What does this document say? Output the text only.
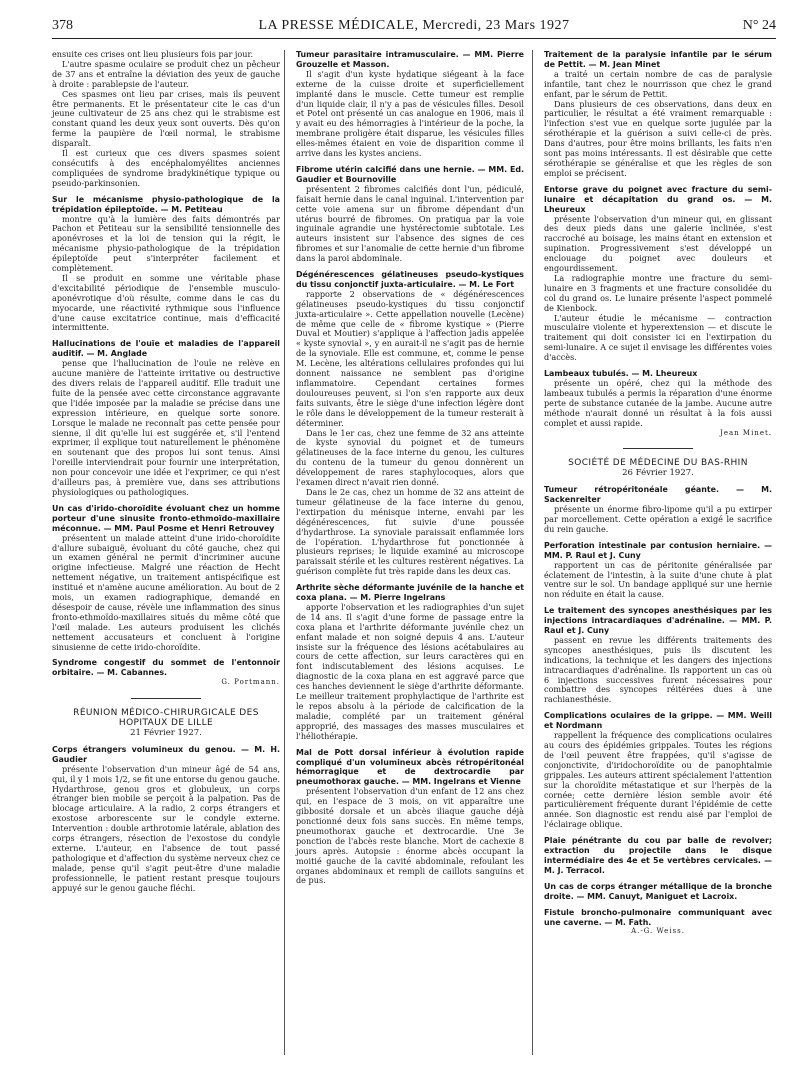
378	LA PRESSE MÉDICALE, Mercredi, 23 Mars 1927	N° 24

ensuite ces crises ont lieu plusieurs fois par jour.

L'autre spasme oculaire se produit chez un pêcheur de 37 ans et entraîne la déviation des yeux de gauche à droite : parablepsie de l'auteur.

Ces spasmes ont lieu par crises, mais ils peuvent être permanents. Et le présentateur cite le cas d'un jeune cultivateur de 25 ans chez qui le strabisme est constant quand les deux yeux sont ouverts. Dès qu'on ferme la paupière de l'œil normal, le strabisme disparaît.

Il est curieux que ces divers spasmes soient consécutifs à des encéphalomyélites anciennes compliquées de syndrome bradykinétique typique ou pseudo-parkinsonien.

Sur le mécanisme physio-pathologique de la trépidation épileptoïde. — M. Petiteau

montre qu'à la lumière des faits démontrés par Pachon et Petiteau sur la sensibilité tensionnelle des aponévroses et la loi de tension qui la régit, le mécanisme physio-pathologique de la trépidation épileptoïde peut s'interpréter facilement et complètement.

Il se produit en somme une véritable phase d'excitabilité périodique de l'ensemble musculo-aponévrotique d'où résulte, comme dans le cas du myocarde, une réactivité rythmique sous l'influence d'une cause excitatrice continue, mais d'efficacité intermittente.

Hallucinations de l'ouïe et maladies de l'appareil auditif. — M. Anglade

pense que l'hallucination de l'ouïe ne relève en aucune manière de l'atteinte irritative ou destructive des divers relais de l'appareil auditif. Elle traduit une fuite de la pensée avec cette circonstance aggravante que l'idée imposée par la maladie se précise dans une expression intérieure, en quelque sorte sonore. Lorsque le malade ne reconnaît pas cette pensée pour sienne, il dit qu'elle lui est suggérée et, s'il l'entend exprimer, il explique tout naturellement le phénomène en soutenant que des propos lui sont tenus. Ainsi l'oreille interviendrait pour fournir une interprétation, non pour concevoir une idée et l'exprimer, ce qui n'est d'ailleurs pas, à première vue, dans ses attributions physiologiques ou pathologiques.

Un cas d'irido-choroïdite évoluant chez un homme porteur d'une sinusite fronto-ethmoïdo-maxillaire méconnue. — MM. Paul Posme et Henri Retrouvey

présentent un malade atteint d'une irido-choroïdite d'allure subaiguë, évoluant du côté gauche, chez qui un examen général ne permit d'incriminer aucune origine infectieuse. Malgré une réaction de Hecht nettement négative, un traitement antispécifique est institué et n'amène aucune amélioration. Au bout de 2 mois, un examen radiographique, demandé en désespoir de cause, révèle une inflammation des sinus fronto-ethmoïdo-maxillaires situés du même côté que l'œil malade. Les auteurs produisent les clichés nettement accusateurs et concluent à l'origine sinusienne de cette irido-choroïdite.

Syndrome congestif du sommet de l'entonnoir orbitaire. — M. Cabannes.

G. Portmann.

RÉUNION MÉDICO-CHIRURGICALE DES HOPITAUX DE LILLE

21 Février 1927.

Corps étrangers volumineux du genou. — M. H. Gaudier

présente l'observation d'un mineur âgé de 54 ans, qui, il y 1 mois 1/2, se fit une entorse du genou gauche. Hydarthrose, genou gros et globuleux, un corps étranger bien mobile se perçoit à la palpation. Pas de blocage articulaire. A la radio, 2 corps étrangers et exostose arborescente sur le condyle externe. Intervention : double arthrotomie latérale, ablation des corps étrangers, résection de l'exostose du condyle externe. L'auteur, en l'absence de tout passé pathologique et d'affection du système nerveux chez ce malade, pense qu'il s'agit peut-être d'une maladie professionnelle, le patient restant presque toujours appuyé sur le genou gauche fléchi.

Tumeur parasitaire intramusculaire. — MM. Pierre Grouzelle et Masson.

Il s'agit d'un kyste hydatique siégeant à la face externe de la cuisse droite et superficiellement implanté dans le muscle. Cette tumeur est remplie d'un liquide clair, il n'y a pas de vésicules filles. Desoil et Potel ont présenté un cas analogue en 1906, mais il y avait eu des hémorragies à l'intérieur de la poche, la membrane proligère était disparue, les vésicules filles elles-mêmes étaient en voie de disparition comme il arrive dans les kystes anciens.

Fibrome utérin calcifié dans une hernie. — MM. Ed. Gaudier et Bournoville

présentent 2 fibromes calcifiés dont l'un, pédiculé, faisait hernie dans le canal inguinal. L'intervention par cette voie amena sur un fibrome dépendant d'un utérus bourré de fibromes. On pratiqua par la voie inguinale agrandie une hystérectomie subtotale. Les auteurs insistent sur l'absence des signes de ces fibromes et sur l'anomalie de cette hernie d'un fibrome dans la paroi abdominale.

Dégénérescences gélatineuses pseudo-kystiques du tissu conjonctif juxta-articulaire. — M. Le Fort

rapporte 2 observations de « dégénérescences gélatineuses pseudo-kystiques du tissu conjonctif juxta-articulaire ». Cette appellation nouvelle (Lecène) de même que celle de « fibrome kystique » (Pierre Duval et Moutier) s'applique à l'affection jadis appelée « kyste synovial », y en aurait-il ne s'agit pas de hernie de la synoviale. Elle est commune, et, comme le pense M. Lecène, les altérations cellulaires profondes qui lui donnent naissance ne semblent pas d'origine inflammatoire. Cependant certaines formes douloureuses peuvent, si l'on s'en rapporte aux deux faits suivants, être le siège d'une infection légère dont le rôle dans le développement de la tumeur resterait à déterminer.

Dans le 1er cas, chez une femme de 32 ans atteinte de kyste synovial du poignet et de tumeurs gélatineuses de la face interne du genou, les cultures du contenu de la tumeur du genou donnèrent un développement de rares staphylocoques, alors que l'examen direct n'avait rien donné.

Dans le 2e cas, chez un homme de 32 ans atteint de tumeur gélatineuse de la face interne du genou, l'extirpation du ménisque interne, envahi par les dégénérescences, fut suivie d'une poussée d'hydarthrose. La synoviale paraissait enflammée lors de l'opération. L'hydarthrose fut ponctionnée à plusieurs reprises; le liquide examiné au microscope paraissait stérile et les cultures restèrent négatives. La guérison complète fut très rapide dans les deux cas.

Arthrite sèche déformante juvénile de la hanche et coxa plana. — M. Pierre Ingelrans

apporte l'observation et les radiographies d'un sujet de 14 ans. Il s'agit d'une forme de passage entre la coxa plana et l'arthrite déformante juvénile chez un enfant malade et non soigné depuis 4 ans. L'auteur insiste sur la fréquence des lésions acétabulaires au cours de cette affection, sur leurs caractères qui en font indiscutablement des lésions acquises. Le diagnostic de la coxa plana en est aggravé parce que ces hanches deviennent le siège d'arthrite déformante. Le meilleur traitement prophylactique de l'arthrite est le repos absolu à la période de calcification de la maladie, complété par un traitement général approprié, des massages des masses musculaires et l'héliothérapie.

Mal de Pott dorsal inférieur à évolution rapide compliqué d'un volumineux abcès rétropéritonéal hémorragique et de dextrocardie par pneumothorax gauche. — MM. Ingelrans et Vienne

présentent l'observation d'un enfant de 12 ans chez qui, en l'espace de 3 mois, on vit apparaître une gibbosité dorsale et un abcès iliaque gauche déjà ponctionné deux fois sans succès. En même temps, pneumothorax gauche et dextrocardie. Une 3e ponction de l'abcès reste blanche. Mort de cachexie 8 jours après. Autopsie : énorme abcès occupant la moitié gauche de la cavité abdominale, refoulant les organes abdominaux et rempli de caillots sanguins et de pus.

Traitement de la paralysie infantile par le sérum de Pettit. — M. Jean Minet

a traité un certain nombre de cas de paralysie infantile, tant chez le nourrisson que chez le grand enfant, par le sérum de Pettit.

Dans plusieurs de ces observations, dans deux en particulier, le résultat a été vraiment remarquable : l'infection s'est vue en quelque sorte jugulée par la sérothérapie et la guérison a suivi celle-ci de près. Dans d'autres, pour être moins brillants, les faits n'en sont pas moins intéressants. Il est désirable que cette sérothérapie se généralise et que les règles de son emploi se précisent.

Entorse grave du poignet avec fracture du semi-lunaire et décapitation du grand os. — M. Lheureux

présente l'observation d'un mineur qui, en glissant des deux pieds dans une galerie inclinée, s'est raccroché au boisage, les mains étant en extension et supination. Progressivement s'est développé un enclouage du poignet avec douleurs et engourdissement.

La radiographie montre une fracture du semi-lunaire en 3 fragments et une fracture consolidée du col du grand os. Le lunaire présente l'aspect pommelé de Kienbock.

L'auteur étudie le mécanisme — contraction musculaire violente et hyperextension — et discute le traitement qui doit consister ici en l'extirpation du semi-lunaire. A ce sujet il envisage les différentes voies d'accès.

Lambeaux tubulés. — M. Lheureux

présente un opéré, chez qui la méthode des lambeaux tubulés a permis la réparation d'une énorme perte de substance cutanée de la jambe. Aucune autre méthode n'aurait donné un résultat à la fois aussi complet et aussi rapide.

Jean Minet.

SOCIÉTÉ DE MÉDECINE DU BAS-RHIN

26 Février 1927.

Tumeur rétropéritonéale géante. — M. Sackenreiter

présente un énorme fibro-lipome qu'il a pu extirper par morcellement. Cette opération a exigé le sacrifice du rein gauche.

Perforation intestinale par contusion herniaire. — MM. P. Raul et J. Cuny

rapportent un cas de péritonite généralisée par éclatement de l'intestin, à la suite d'une chute à plat ventre sur le sol. Un bandage appliqué sur une hernie non réduite en était la cause.

Le traitement des syncopes anesthésiques par les injections intracardiaques d'adrénaline. — MM. P. Raul et J. Cuny

passent en revue les différents traitements des syncopes anesthésiques, puis ils discutent les indications, la technique et les dangers des injections intracardiaques d'adrénaline. Ils rapportent un cas où 6 injections successives furent nécessaires pour combattre des syncopes réitérées dues à une rachianesthésie.

Complications oculaires de la grippe. — MM. Weill et Nordmann

rappellent la fréquence des complications oculaires au cours des épidémies grippales. Toutes les régions de l'œil peuvent être frappées, qu'il s'agisse de conjonctivite, d'iridochoroïdite ou de panophtalmie grippales. Les auteurs attirent spécialement l'attention sur la choroïdite métastatique et sur l'herpès de la cornée; cette dernière lésion semble avoir été particulièrement fréquente durant l'épidémie de cette année. Son diagnostic est rendu aisé par l'emploi de l'éclairage oblique.

Plaie pénétrante du cou par balle de revolver; extraction du projectile dans le disque intermédiaire des 4e et 5e vertèbres cervicales. — M. J. Terracol.

Un cas de corps étranger métallique de la bronche droite. — MM. Canuyt, Maniguet et Lacroix.

Fistule broncho-pulmonaire communiquant avec une caverne. — M. Fath.

A.-G. Weiss.
